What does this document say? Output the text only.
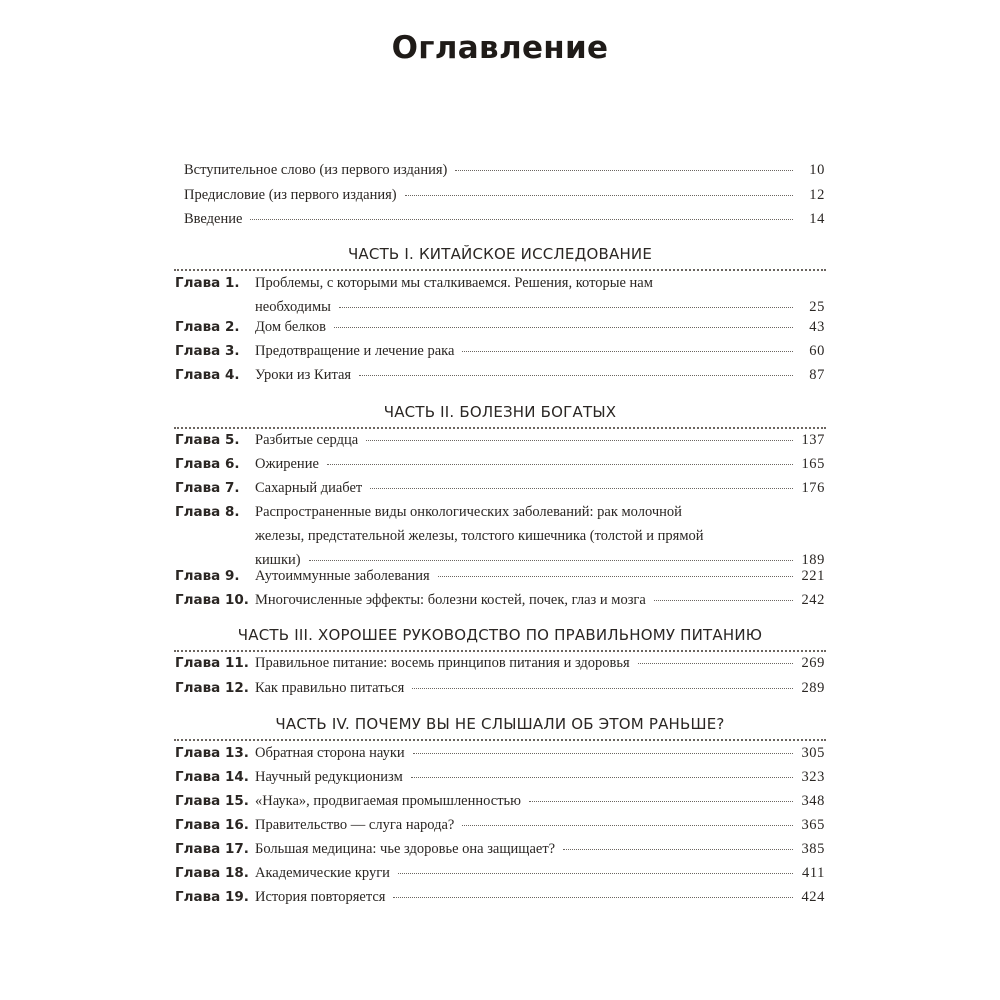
Оглавление
Вступительное слово (из первого издания)	10
Предисловие (из первого издания)	12
Введение	14
ЧАСТЬ I. КИТАЙСКОЕ ИССЛЕДОВАНИЕ
Глава 1.	Проблемы, с которыми мы сталкиваемся. Решения, которые нам
необходимы	25
Глава 2.	Дом белков	43
Глава 3.	Предотвращение и лечение рака	60
Глава 4.	Уроки из Китая	87
ЧАСТЬ II. БОЛЕЗНИ БОГАТЫХ
Глава 5.	Разбитые сердца	137
Глава 6.	Ожирение	165
Глава 7.	Сахарный диабет	176
Глава 8.	Распространенные виды онкологических заболеваний: рак молочной
железы, предстательной железы, толстого кишечника (толстой и прямой
кишки)	189
Глава 9.	Аутоиммунные заболевания	221
Глава 10. Многочисленные эффекты: болезни костей, почек, глаз и мозга	242
ЧАСТЬ III. ХОРОШЕЕ РУКОВОДСТВО ПО ПРАВИЛЬНОМУ ПИТАНИЮ
Глава 11. Правильное питание: восемь принципов питания и здоровья	269
Глава 12. Как правильно питаться	289
ЧАСТЬ IV. ПОЧЕМУ ВЫ НЕ СЛЫШАЛИ ОБ ЭТОМ РАНЬШЕ?
Глава 13. Обратная сторона науки	305
Глава 14. Научный редукционизм	323
Глава 15. «Наука», продвигаемая промышленностью	348
Глава 16. Правительство — слуга народа?	365
Глава 17. Большая медицина: чье здоровье она защищает?	385
Глава 18. Академические круги	411
Глава 19. История повторяется	424
